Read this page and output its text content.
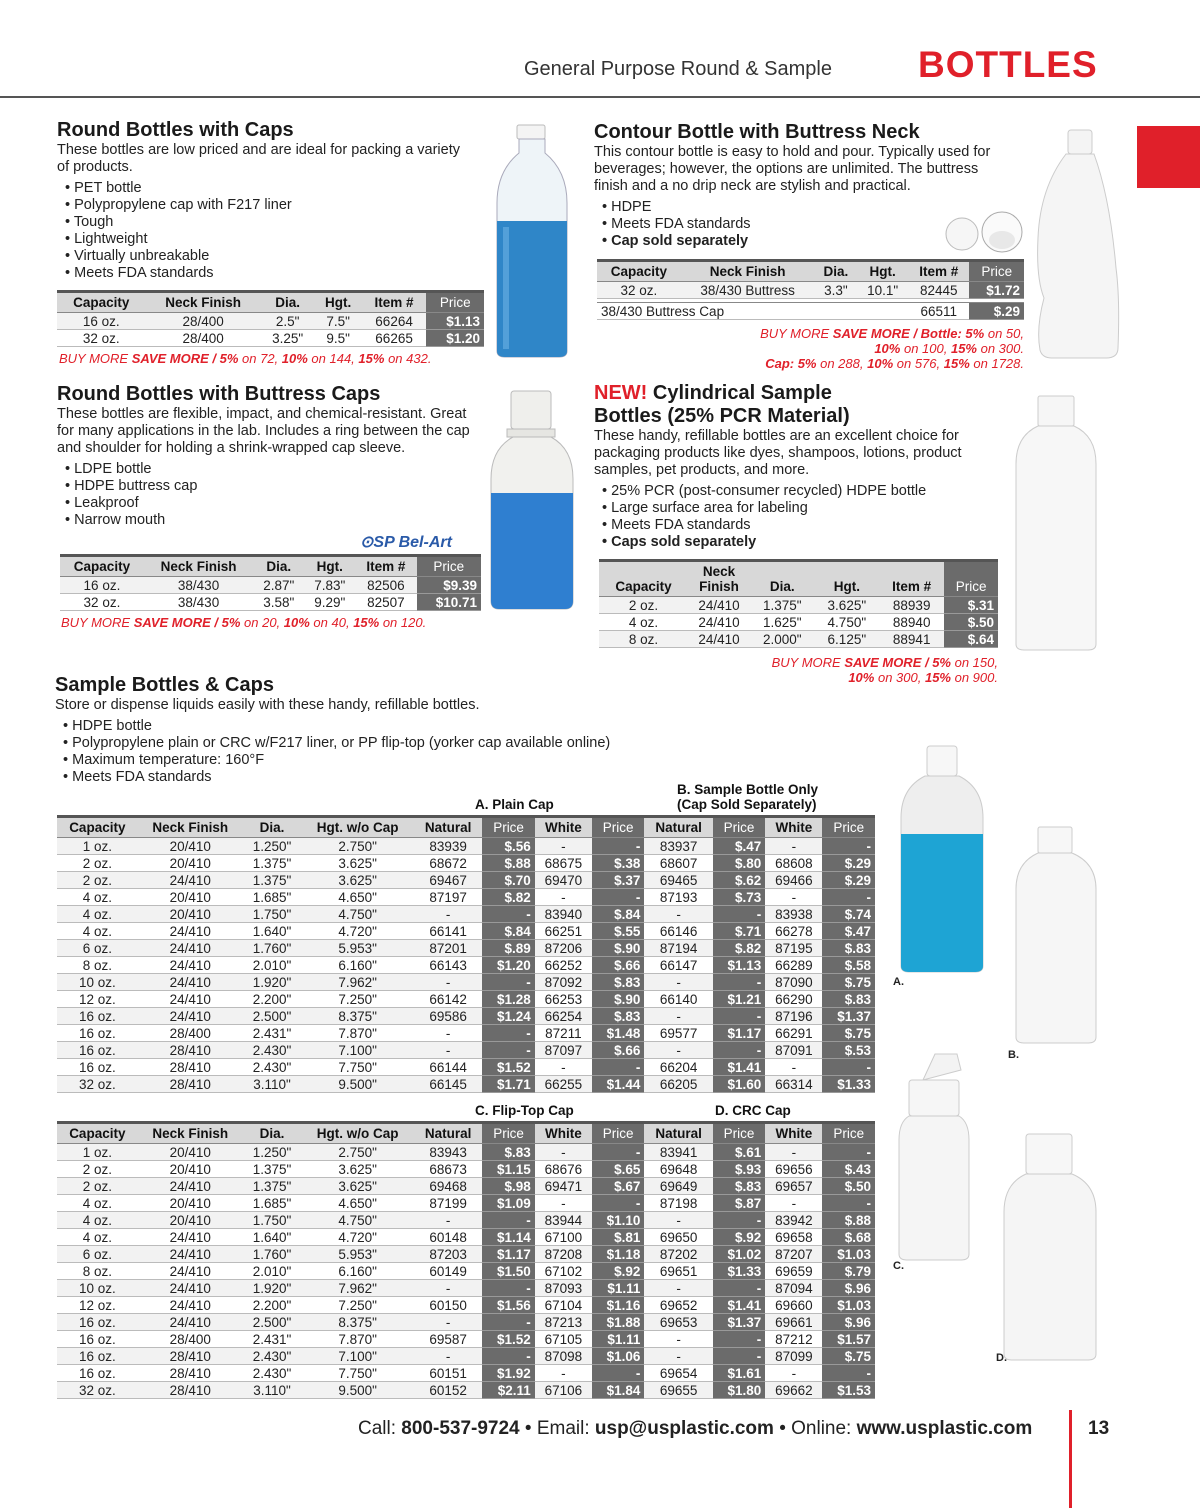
General Purpose Round & Sample BOTTLES
Round Bottles with Caps

These bottles are low priced and are ideal for packing a variety of products.

• PET bottle
• Polypropylene cap with F217 liner
• Tough
• Lightweight
• Virtually unbreakable
• Meets FDA standards
Capacity	Neck Finish	Dia.	Hgt.	Item #	Price
16 oz.	28/400	2.5"	7.5"	66264	$1.13
32 oz.	28/400	3.25"	9.5"	66265	$1.20
BUY MORE SAVE MORE / 5% on 72, 10% on 144, 15% on 432.
Round Bottles with Buttress Caps

These bottles are flexible, impact, and chemical-resistant. Great for many applications in the lab. Includes a ring between the cap and shoulder for holding a shrink-wrapped cap sleeve.

• LDPE bottle
• HDPE buttress cap
• Leakproof
• Narrow mouth
⊙SP Bel-Art
Capacity	Neck Finish	Dia.	Hgt.	Item #	Price
16 oz.	38/430	2.87"	7.83"	82506	$9.39
32 oz.	38/430	3.58"	9.29"	82507	$10.71
BUY MORE SAVE MORE / 5% on 20, 10% on 40, 15% on 120.
Contour Bottle with Buttress Neck

This contour bottle is easy to hold and pour. Typically used for beverages; however, the options are unlimited. The buttress finish and a no drip neck are stylish and practical.

• HDPE
• Meets FDA standards
• Cap sold separately
Capacity	Neck Finish	Dia.	Hgt.	Item #	Price
32 oz.	38/430 Buttress	3.3"	10.1"	82445	$1.72

38/430 Buttress Cap				66511	$.29
BUY MORE SAVE MORE / Bottle: 5% on 50,
10% on 100, 15% on 300.
Cap: 5% on 288, 10% on 576, 15% on 1728.
NEW! Cylindrical Sample
Bottles (25% PCR Material)

These handy, refillable bottles are an excellent choice for packaging products like dyes, shampoos, lotions, product samples, pet products, and more.

• 25% PCR (post-consumer recycled) HDPE bottle
• Large surface area for labeling
• Meets FDA standards
• Caps sold separately
Capacity	Neck Finish	Dia.	Hgt.	Item #	Price
2 oz.	24/410	1.375"	3.625"	88939	$.31
4 oz.	24/410	1.625"	4.750"	88940	$.50
8 oz.	24/410	2.000"	6.125"	88941	$.64
BUY MORE SAVE MORE / 5% on 150,
10% on 300, 15% on 900.
Sample Bottles & Caps

Store or dispense liquids easily with these handy, refillable bottles.

• HDPE bottle
• Polypropylene plain or CRC w/F217 liner, or PP flip-top (yorker cap available online)
• Maximum temperature: 160°F
• Meets FDA standards
A. Plain Cap
B. Sample Bottle Only
(Cap Sold Separately)
C. Flip-Top Cap	D. CRC Cap
Capacity	Neck Finish	Dia.	Hgt. w/o Cap	Natural	Price	White	Price	Natural	Price	White	Price
1 oz.	20/410	1.250"	2.750"	83939	$.56	-	-	83937	$.47	-	-
2 oz.	20/410	1.375"	3.625"	68672	$.88	68675	$.38	68607	$.80	68608	$.29
2 oz.	24/410	1.375"	3.625"	69467	$.70	69470	$.37	69465	$.62	69466	$.29
4 oz.	20/410	1.685"	4.650"	87197	$.82	-	-	87193	$.73	-	-
4 oz.	20/410	1.750"	4.750"	-	-	83940	$.84	-	-	83938	$.74
4 oz.	24/410	1.640"	4.720"	66141	$.84	66251	$.55	66146	$.71	66278	$.47
6 oz.	24/410	1.760"	5.953"	87201	$.89	87206	$.90	87194	$.82	87195	$.83
8 oz.	24/410	2.010"	6.160"	66143	$1.20	66252	$.66	66147	$1.13	66289	$.58
10 oz.	24/410	1.920"	7.962"	-	-	87092	$.83	-	-	87090	$.75
12 oz.	24/410	2.200"	7.250"	66142	$1.28	66253	$.90	66140	$1.21	66290	$.83
16 oz.	24/410	2.500"	8.375"	69586	$1.24	66254	$.83	-	-	87196	$1.37
16 oz.	28/400	2.431"	7.870"	-	-	87211	$1.48	69577	$1.17	66291	$.75
16 oz.	28/410	2.430"	7.100"	-	-	87097	$.66	-	-	87091	$.53
16 oz.	28/410	2.430"	7.750"	66144	$1.52	-	-	66204	$1.41	-	-
32 oz.	28/410	3.110"	9.500"	66145	$1.71	66255	$1.44	66205	$1.60	66314	$1.33
Capacity	Neck Finish	Dia.	Hgt. w/o Cap	Natural	Price	White	Price	Natural	Price	White	Price
1 oz.	20/410	1.250"	2.750"	83943	$.83	-	-	83941	$.61	-	-
2 oz.	20/410	1.375"	3.625"	68673	$1.15	68676	$.65	69648	$.93	69656	$.43
2 oz.	24/410	1.375"	3.625"	69468	$.98	69471	$.67	69649	$.83	69657	$.50
4 oz.	20/410	1.685"	4.650"	87199	$1.09	-	-	87198	$.87	-	-
4 oz.	20/410	1.750"	4.750"	-	-	83944	$1.10	-	-	83942	$.88
4 oz.	24/410	1.640"	4.720"	60148	$1.14	67100	$.81	69650	$.92	69658	$.68
6 oz.	24/410	1.760"	5.953"	87203	$1.17	87208	$1.18	87202	$1.02	87207	$1.03
8 oz.	24/410	2.010"	6.160"	60149	$1.50	67102	$.92	69651	$1.33	69659	$.79
10 oz.	24/410	1.920"	7.962"	-	-	87093	$1.11	-	-	87094	$.96
12 oz.	24/410	2.200"	7.250"	60150	$1.56	67104	$1.16	69652	$1.41	69660	$1.03
16 oz.	24/410	2.500"	8.375"	-	-	87213	$1.88	69653	$1.37	69661	$.96
16 oz.	28/400	2.431"	7.870"	69587	$1.52	67105	$1.11	-	-	87212	$1.57
16 oz.	28/410	2.430"	7.100"	-	-	87098	$1.06	-	-	87099	$.75
16 oz.	28/410	2.430"	7.750"	60151	$1.92	-	-	69654	$1.61	-	-
32 oz.	28/410	3.110"	9.500"	60152	$2.11	67106	$1.84	69655	$1.80	69662	$1.53
A.
B.
C.
D.
Call: 800-537-9724 • Email: usp@usplastic.com • Online: www.usplastic.com	13
